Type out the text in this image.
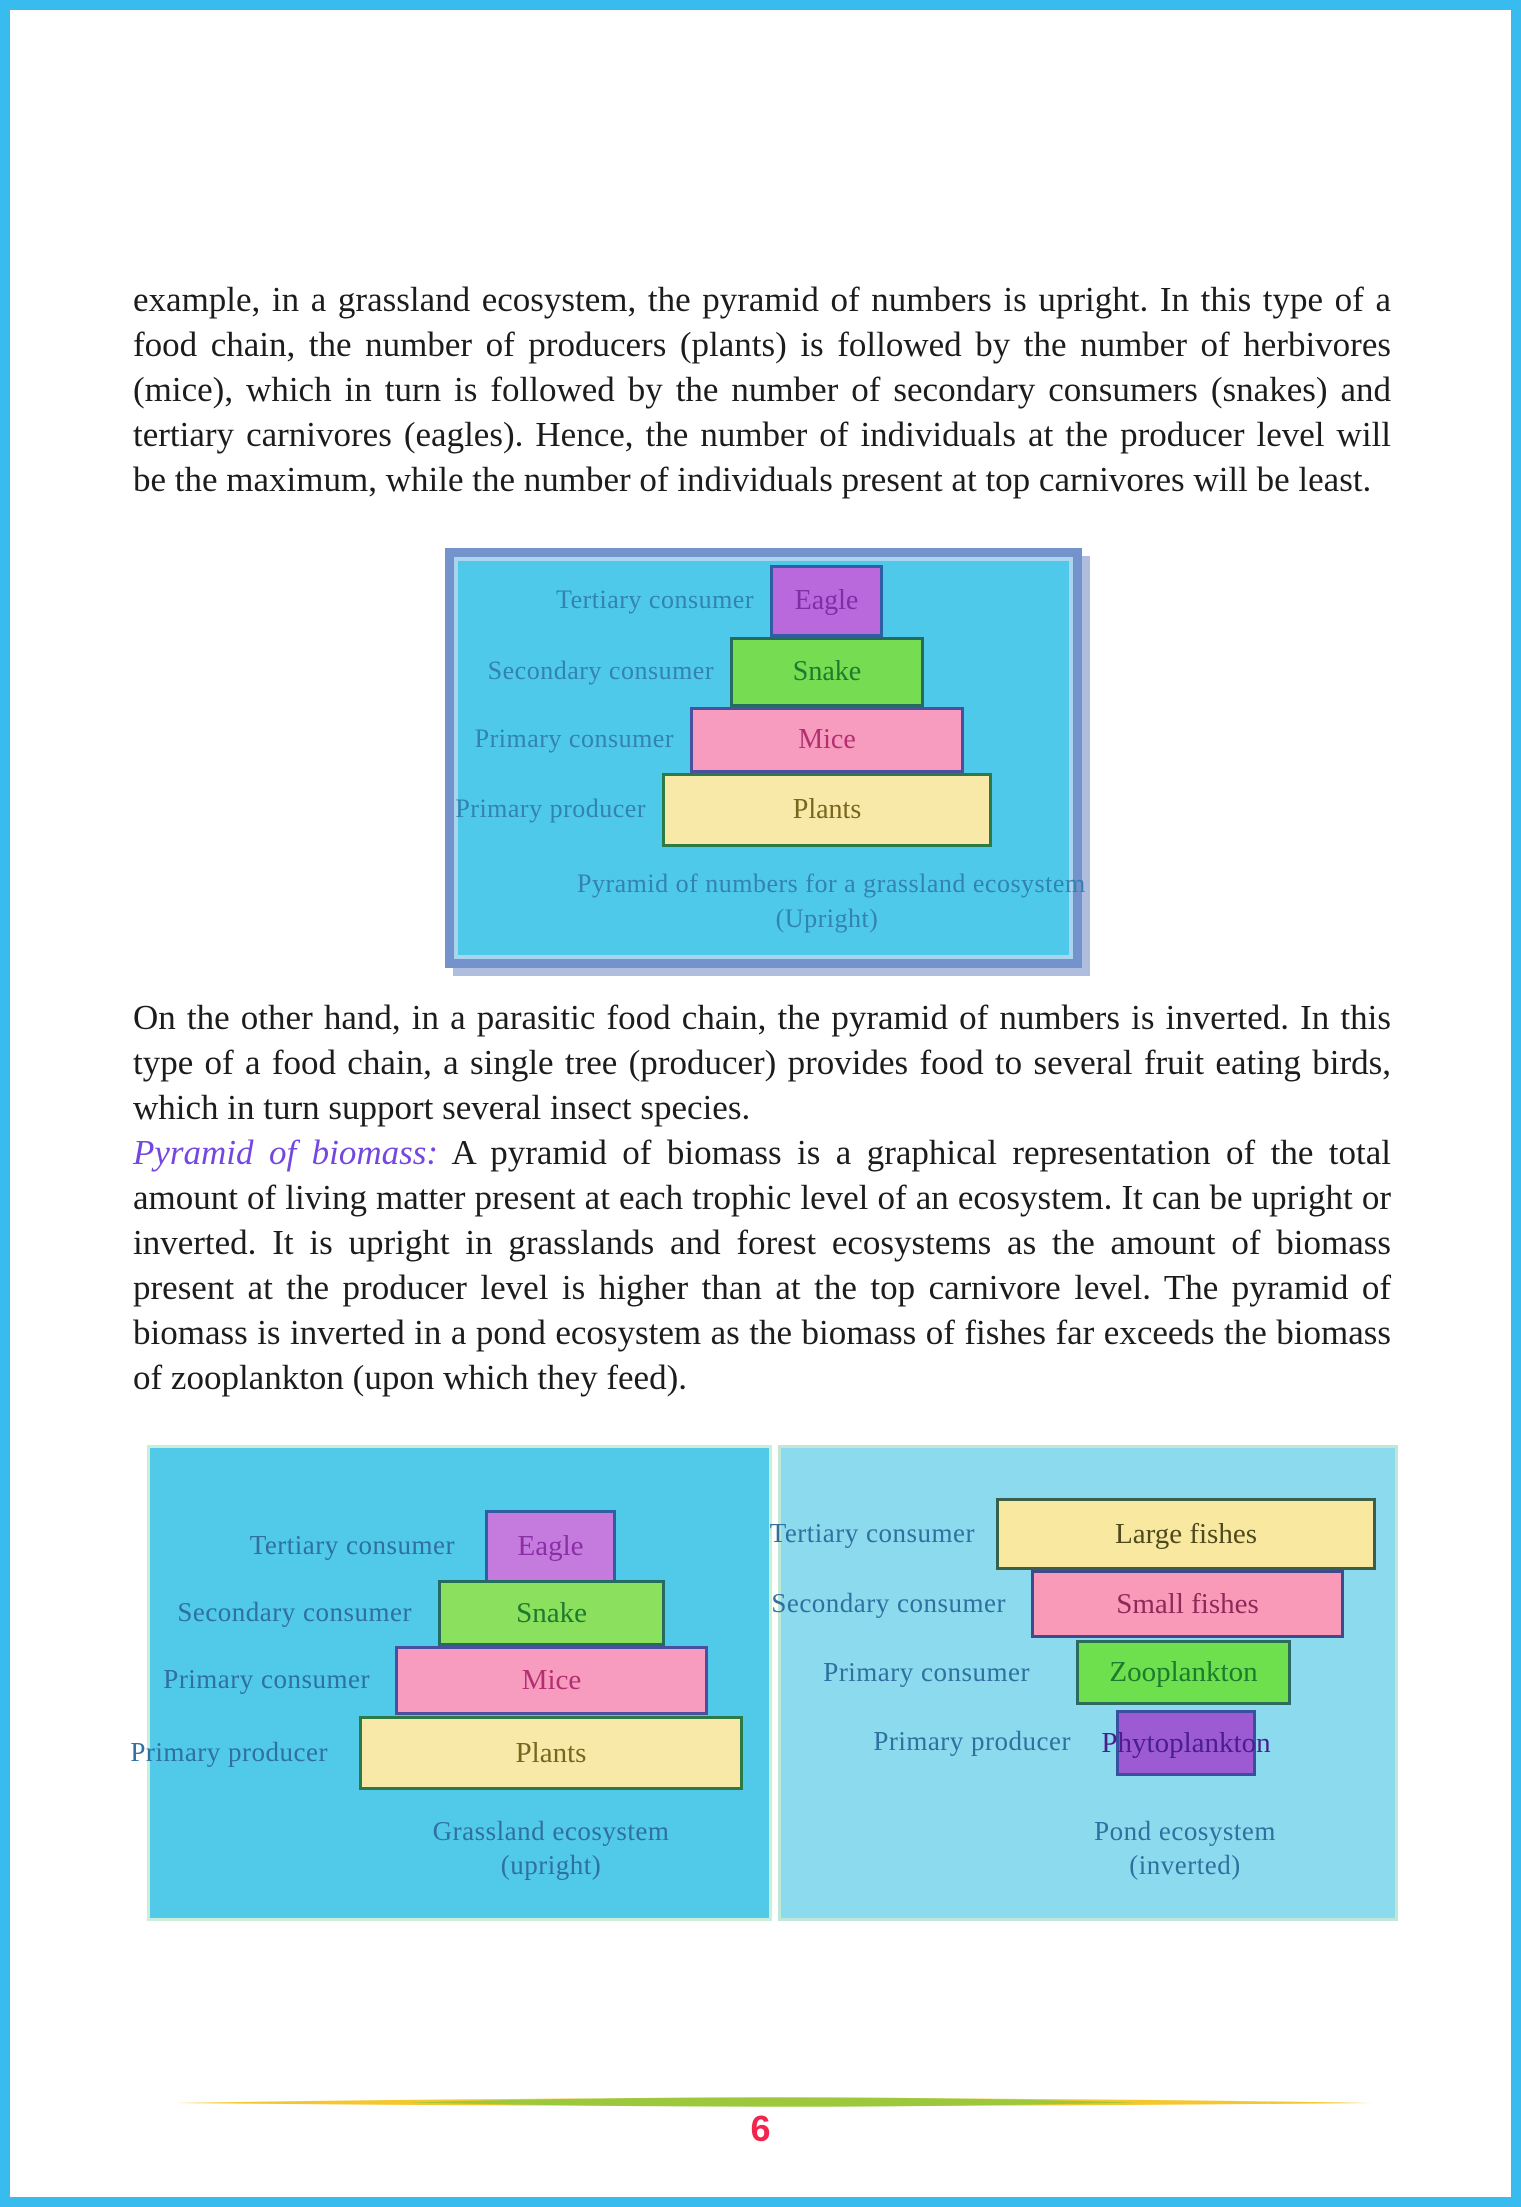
example, in a grassland ecosystem, the pyramid of numbers is upright. In this type of a food chain, the number of producers (plants) is followed by the number of herbivores (mice), which in turn is followed by the number of secondary consumers (snakes) and tertiary carnivores (eagles). Hence, the number of individuals at the producer level will be the maximum, while the number of individuals present at top carnivores will be least.

Tertiary consumer
Secondary consumer
Primary consumer
Primary producer
Eagle
Snake
Mice
Plants
Pyramid of numbers for a grassland ecosystem
(Upright)

On the other hand, in a parasitic food chain, the pyramid of numbers is inverted. In this type of a food chain, a single tree (producer) provides food to several fruit eating birds, which in turn support several insect species.

Pyramid of biomass: A pyramid of biomass is a graphical representation of the total amount of living matter present at each trophic level of an ecosystem. It can be upright or inverted. It is upright in grasslands and forest ecosystems as the amount of biomass present at the producer level is higher than at the top carnivore level. The pyramid of biomass is inverted in a pond ecosystem as the biomass of fishes far exceeds the biomass of zooplankton (upon which they feed).

Tertiary consumer
Secondary consumer
Primary consumer
Primary producer
Eagle
Snake
Mice
Plants
Grassland ecosystem
(upright)
Tertiary consumer
Secondary consumer
Primary consumer
Primary producer
Large fishes
Small fishes
Zooplankton
Phytoplankton
Pond ecosystem
(inverted)
6
